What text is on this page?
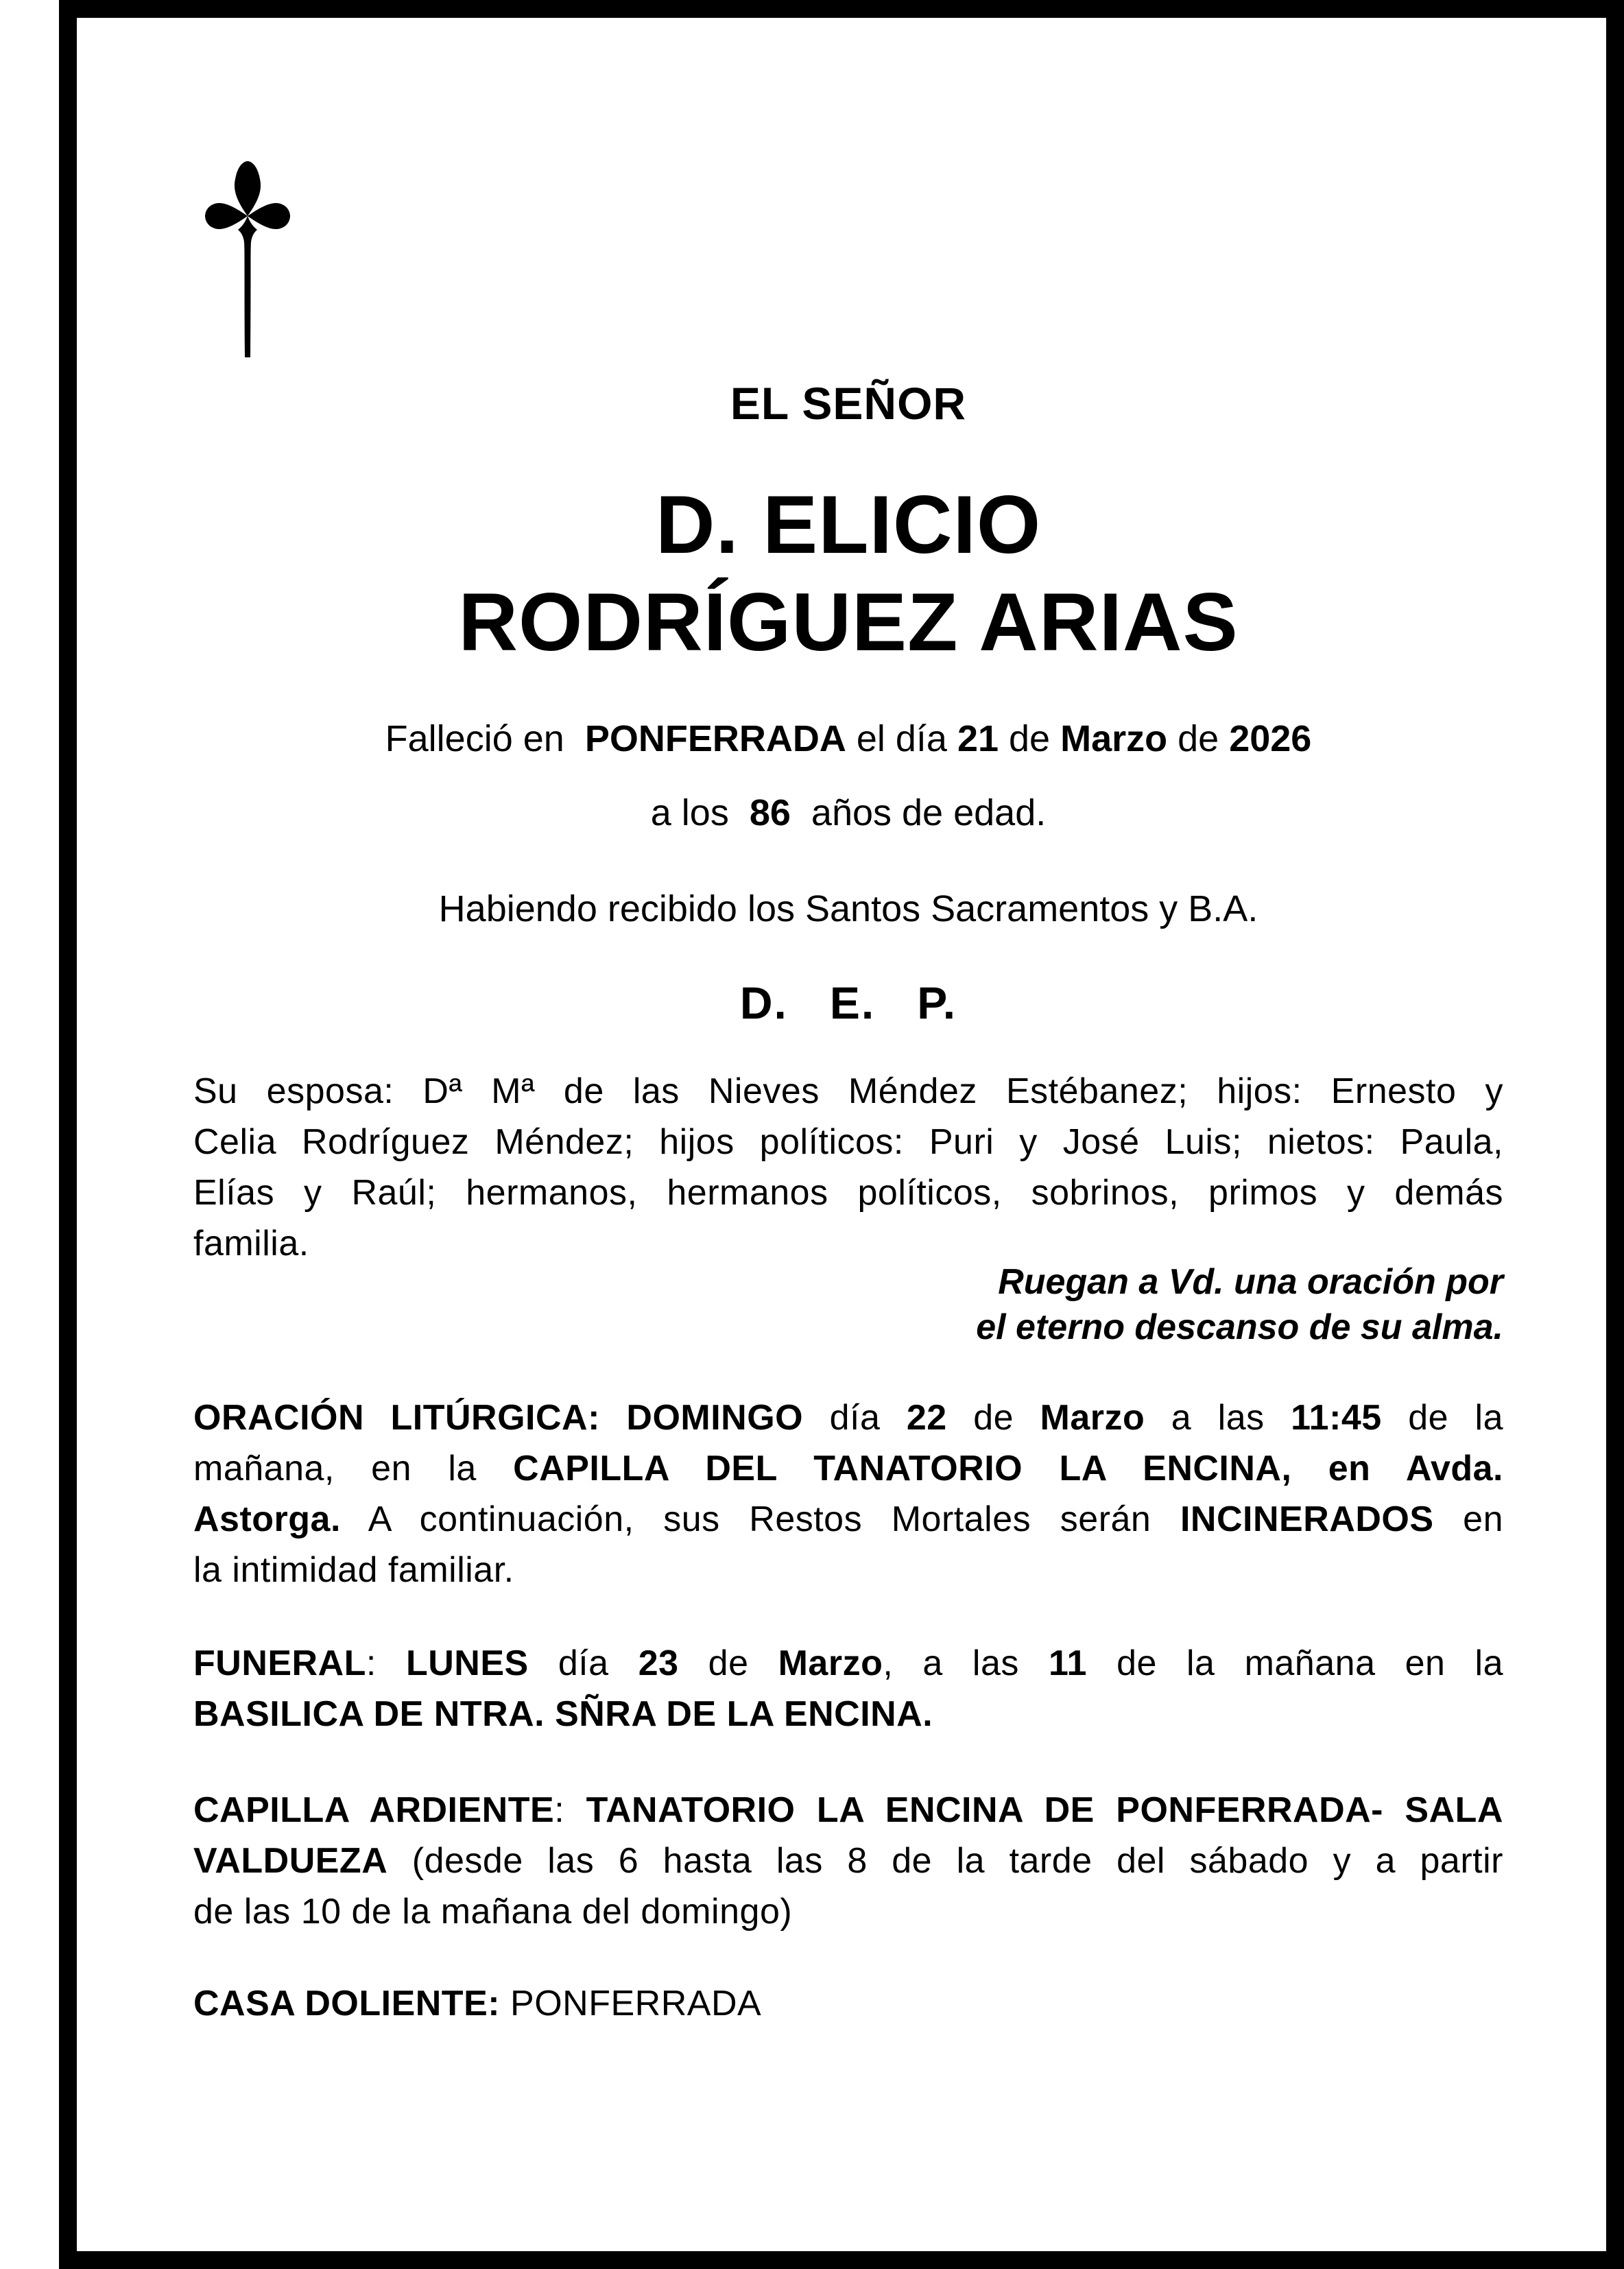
EL SEÑOR
D. ELICIO
RODRÍGUEZ ARIAS
Falleció en  PONFERRADA el día 21 de Marzo de 2026
a los  86  años de edad.
Habiendo recibido los Santos Sacramentos y B.A.
D.   E.   P.
Su esposa: Dª Mª de las Nieves Méndez Estébanez; hijos: Ernesto y
Celia Rodríguez Méndez; hijos políticos: Puri y José Luis; nietos: Paula,
Elías y Raúl; hermanos, hermanos políticos, sobrinos, primos y demás
familia.
Ruegan a Vd. una oración por
el eterno descanso de su alma.
ORACIÓN LITÚRGICA: DOMINGO día 22 de Marzo a las 11:45 de la
mañana, en la CAPILLA DEL TANATORIO LA ENCINA, en Avda.
Astorga. A continuación, sus Restos Mortales serán INCINERADOS en
la intimidad familiar.
FUNERAL: LUNES día 23 de Marzo, a las 11 de la mañana en la
BASILICA DE NTRA. SÑRA DE LA ENCINA.
CAPILLA ARDIENTE: TANATORIO LA ENCINA DE PONFERRADA- SALA
VALDUEZA (desde las 6 hasta las 8 de la tarde del sábado y a partir
de las 10 de la mañana del domingo)
CASA DOLIENTE: PONFERRADA
